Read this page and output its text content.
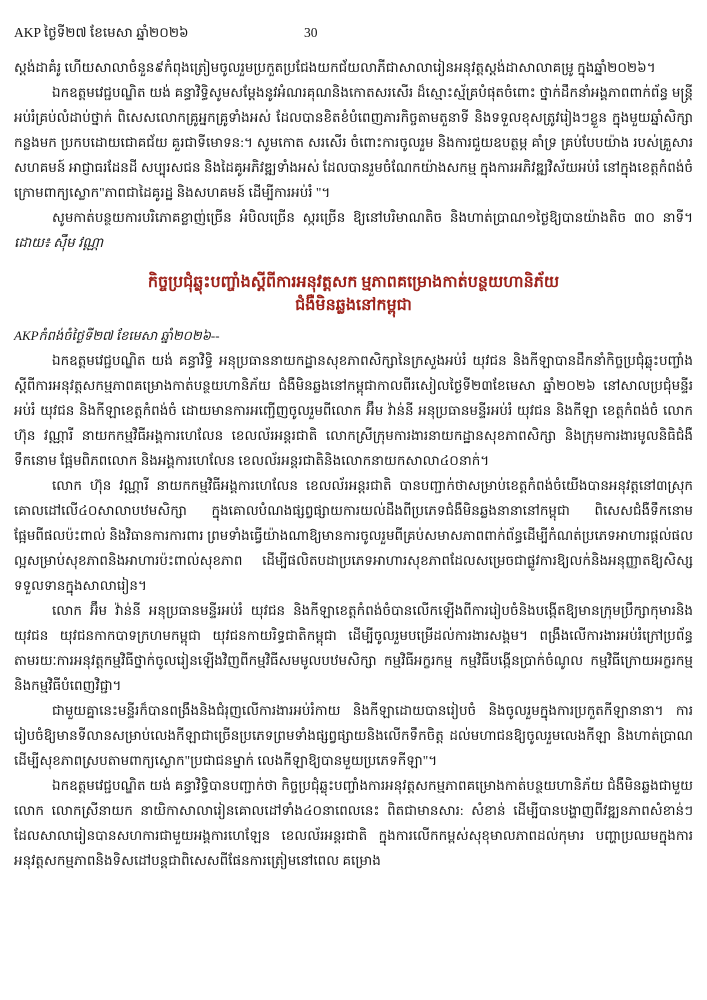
AKP ថ្ងៃទី២៧ ខែមេសា ឆ្នាំ២០២៦	30

ស្តង់ដាគំរូ ហើយសាលាចំនួន៩កំពុងត្រៀមចូលរួមប្រកួតប្រជែងយកជ័យលាភីជាសាលារៀនអនុវត្តស្តង់ដាសាលាគម្រូ ក្នុងឆ្នាំ២០២៦។

ឯកឧត្តមវេជ្ជបណ្ឌិត យង់ គន្ធាវិទ្ធិសូមសម្តែងនូវអំណរគុណនិងកោតសរសើរ ដ៏ស្មោះស្ម័គ្របំផុតចំពោះ ថ្នាក់ដឹកនាំអង្គភាពពាក់ព័ន្ធ មន្ត្រីអប់រំគ្រប់លំដាប់ថ្នាក់ ពិសេសលោកគ្រូអ្នកគ្រូទាំងអស់ ដែលបានខិតខំបំពេញភារកិច្ចតាមតួនាទី និងទទួលខុសត្រូវរៀងៗខ្លួន ក្នុងមួយឆ្នាំសិក្សាកន្លងមក ប្រកបដោយជោគជ័យ គួរជាទីមោទន:។ សូមកោត សរសើរ ចំពោះការចូលរួម និងការជួយឧបត្ថម្ភ គាំទ្រ គ្រប់បែបយ៉ាង របស់គ្រួសារ សហគមន៍ អាជ្ញាធរដែនដី សប្បុរសជន និងដៃគូអភិវឌ្ឍទាំងអស់ ដែលបានរួមចំណែកយ៉ាងសកម្ម ក្នុងការអភិវឌ្ឍវិស័យអប់រំ នៅក្នុងខេត្តកំពង់ចំ ក្រោមពាក្យស្លោក"ភាពជាដៃគូរដ្ឋ និងសហគមន៍ ដើម្បីការអប់រំ "។

សូមកាត់បន្ថយការបរិភោគខ្លាញ់ច្រើន អំបិលច្រើន ស្ករច្រើន ឱ្យនៅបរិមាណតិច និងហាត់ប្រាណ១ថ្ងៃឱ្យបានយ៉ាងតិច ៣០ នាទី។ ដោយ៖ ស៊ឹម វណ្ណា

កិច្ចប្រជុំឆ្លុះបញ្ចាំងស្តីពីការអនុវត្តសក ម្មភាពគម្រោងកាត់បន្ថយហានិភ័យ
ជំងឺមិនឆ្លងនៅកម្ពុជា

AKPកំពង់ចំថ្ងៃទី២៧ ខែមេសា ឆ្នាំ២០២៦--

ឯកឧត្តមវេជ្ជបណ្ឌិត យង់ គន្ធាវិទ្ធិ អនុប្រធាននាយកដ្ឋានសុខភាពសិក្សានៃក្រសួងអប់រំ យុវជន និងកីឡាបានដឹកនាំកិច្ចប្រជុំឆ្លុះបញ្ចាំងស្តីពីការអនុវត្តសកម្មភាពគម្រោងកាត់បន្ថយហានិភ័យ ជំងឺមិនឆ្លងនៅកម្ពុជាកាលពីរសៀលថ្ងៃទី២៣ខែមេសា ឆ្នាំ២០២៦ នៅសាលប្រជុំមន្ទីរអប់រំ យុវជន និងកីឡាខេត្តកំពង់ចំ ដោយមានការអញ្ជើញចូលរួមពីលោក អ៊ឹម វ៉ាន់នី អនុប្រធានមន្ទីរអប់រំ យុវជន និងកីឡា ខេត្តកំពង់ចំ លោក ហ៊ុន វណ្ណារី នាយកកម្មវិធីអង្គការហេលែន ខេលល័រអន្តរជាតិ លោកស្រីក្រុមការងារនាយកដ្ឋានសុខភាពសិក្សា និងក្រុមការងារមូលនិធិជំងឺទឹកនោម ផ្អែមពិភពលោក និងអង្គការហេលែន ខេលល័រអន្តរជាតិនិងលោកនាយកសាលា៤០នាក់។

លោក ហ៊ុន វណ្ណារី នាយកកម្មវិធីអង្គការហេលែន ខេលល័រអន្តរជាតិ បានបញ្ជាក់ថាសម្រាប់ខេត្តកំពង់ចំយើងបានអនុវត្តនៅ៣ស្រុកគោលដៅលើ៤០សាលាបឋមសិក្សា ក្នុងគោលបំណងផ្សព្វផ្សាយការយល់ដឹងពីប្រភេទជំងឺមិនឆ្លងនានានៅកម្ពុជា ពិសេសជំងឺទឹកនោមផ្អែមពីផលប៉ះពាល់ និងវិធានការការពារ ព្រមទាំងធ្វើយ៉ាងណាឱ្យមានការចូលរួមពីគ្រប់សមាសភាពពាក់ព័ន្ធដើម្បីកំណត់ប្រភេទអាហារផ្តល់ផលល្អសម្រាប់សុខភាពនិងអាហារប៉ះពាល់សុខភាព ដើម្បីផលិតបដាប្រភេទអាហារសុខភាពដែលសម្រេចជាផ្លូវការឱ្យលក់និងអនុញ្ញាតឱ្យសិស្សទទួលទានក្នុងសាលារៀន។

លោក អ៊ឹម វ៉ាន់នី អនុប្រធានមន្ទីរអប់រំ យុវជន និងកីឡាខេត្តកំពង់ចំបានលើកឡើងពីការរៀបចំនិងបង្កើតឱ្យមានក្រុមប្រឹក្សាកុមារនិងយុវជន យុវជនកាកបាទក្រហមកម្ពុជា យុវជនកាយរិទ្ធជាតិកម្ពុជា ដើម្បីចូលរួមបម្រើដល់ការងារសង្គម។ ពង្រឹងលើការងារអប់រំក្រៅប្រព័ន្ធតាមរយៈការអនុវត្តកម្មវិធីថ្នាក់ចូលរៀនឡើងវិញពីកម្មវិធីសមមូលបឋមសិក្សា កម្មវិធីអក្ខរកម្ម កម្មវិធីបង្កើនប្រាក់ចំណូល កម្មវិធីក្រោយអក្ខរកម្មនិងកម្មវិធីបំពេញវិជ្ជា។

ជាមួយគ្នានេះមន្ទីរក៏បានពង្រឹងនិងជំរុញលើការងារអប់រំកាយ និងកីឡាដោយបានរៀបចំ និងចូលរួមក្នុងការប្រកួតកីឡានានា។ ការរៀបចំឱ្យមានទីលានសម្រាប់លេងកីឡាជាច្រើនប្រភេទព្រមទាំងផ្សព្វផ្សាយនិងលើកទឹកចិត្ត ដល់មហាជនឱ្យចូលរួមលេងកីឡា និងហាត់ប្រាណដើម្បីសុខភាពស្របតាមពាក្យស្លោក"ប្រជាជនម្នាក់ លេងកីឡាឱ្យបានមួយប្រភេទកីឡា"។

ឯកឧត្តមវេជ្ជបណ្ឌិត យង់ គន្ធាវិទ្ធិបានបញ្ជាក់ថា កិច្ចប្រជុំឆ្លុះបញ្ចាំងការអនុវត្តសកម្មភាពគម្រោងកាត់បន្ថយហានិភ័យ ជំងឺមិនឆ្លងជាមួយលោក លោកស្រីនាយក នាយិកាសាលារៀនគោលដៅទាំង៤០នាពេលនេះ ពិតជាមានសារ: សំខាន់ ដើម្បីបានបង្ហាញពីវឌ្ឍនភាពសំខាន់ៗ ដែលសាលារៀនបានសហការជាមួយអង្គការហេឡែន ខេលល័រអន្តរជាតិ ក្នុងការលើកកម្ពស់សុខុមាលភាពដល់កុមារ បញ្ហាប្រឈមក្នុងការអនុវត្តសកម្មភាពនិងទិសដៅបន្តជាពិសេសពីផែនការត្រៀមនៅពេល គម្រោង
